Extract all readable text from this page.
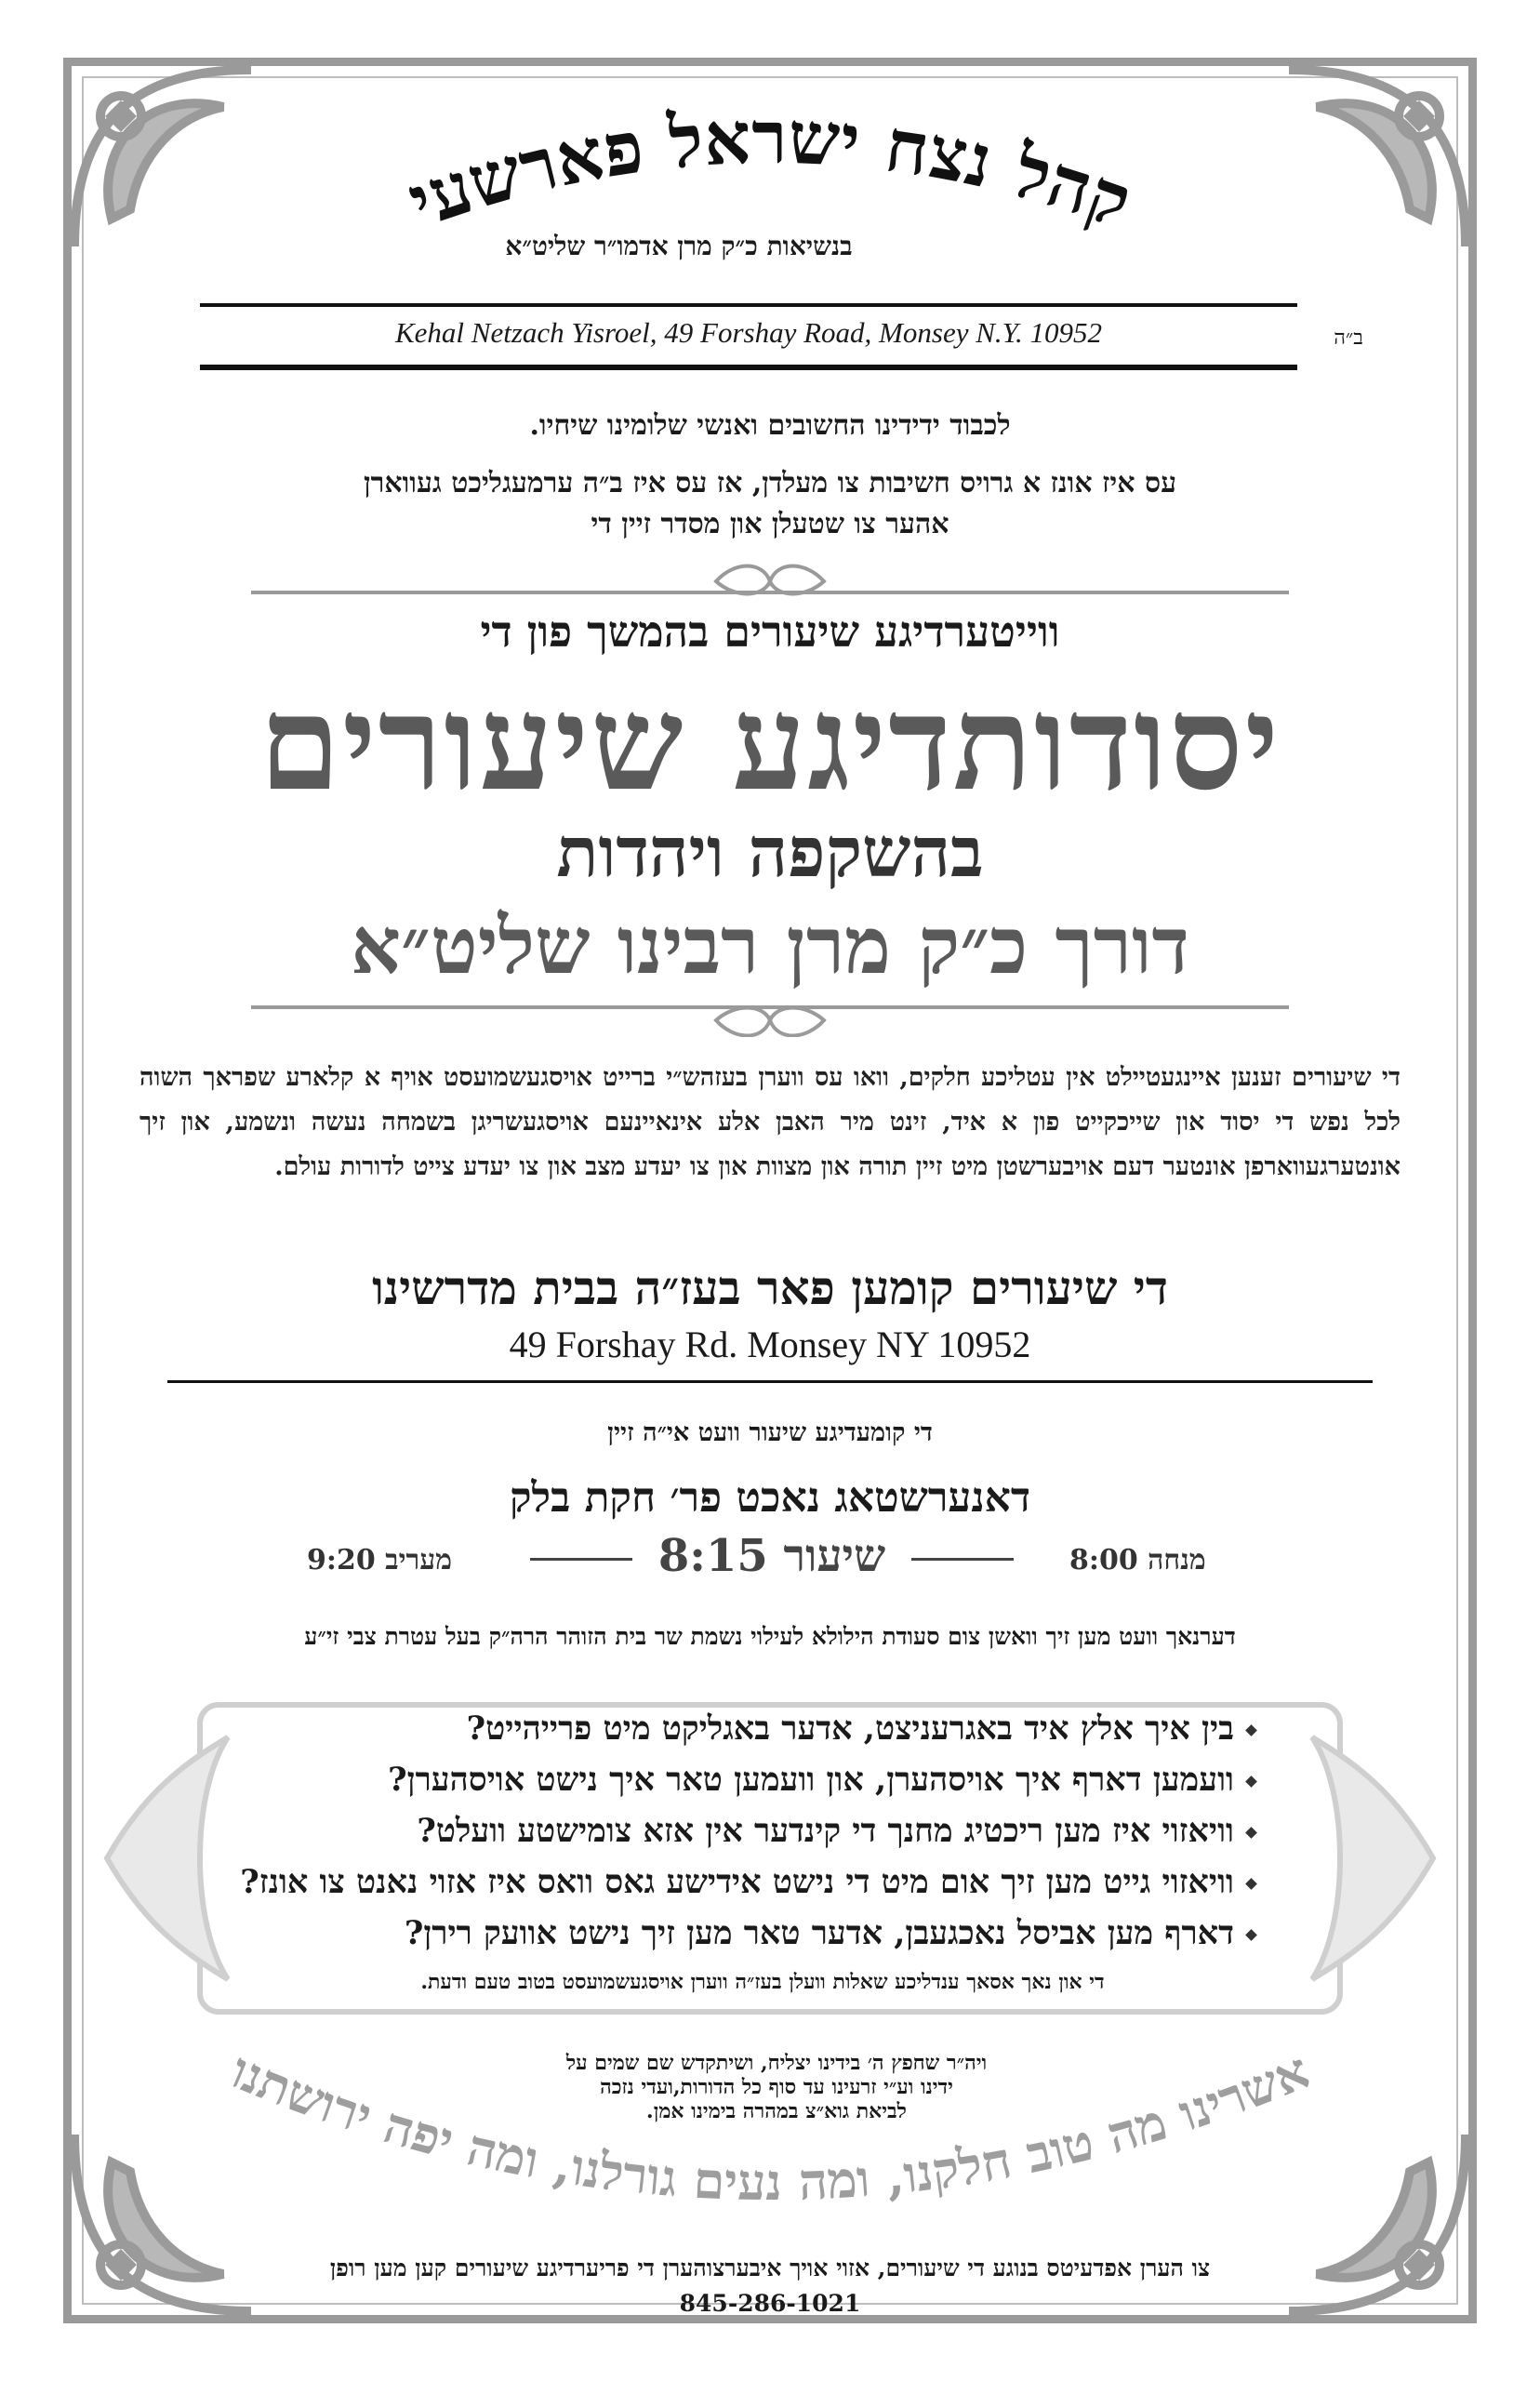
קהל נצח ישראל פארשעי
בנשיאות כ״ק מרן אדמו״ר שליט״א
Kehal Netzach Yisroel, 49 Forshay Road, Monsey N.Y. 10952	ב״ה
לכבוד ידידינו החשובים ואנשי שלומינו שיחיו.
עס איז אונז א גרויס חשיבות צו מעלדן, אז עס איז ב״ה ערמעגליכט געווארן
אהער צו שטעלן און מסדר זיין די
ווייטערדיגע שיעורים בהמשך פון די
יסודותדיגע שיעורים
בהשקפה ויהדות
דורך כ״ק מרן רבינו שליט״א
די שיעורים זענען איינגעטיילט אין עטליכע חלקים, וואו עס ווערן בעזהש״י ברייט אויסגעשמועסט אויף א קלארע שפראך השוה לכל נפש די יסוד און שייכקייט פון א איד, זינט מיר האבן אלע אינאיינעם אויסגעשריגן בשמחה נעשה ונשמע, און זיך אונטערגעווארפן אונטער דעם אויבערשטן מיט זיין תורה און מצוות און צו יעדע מצב און צו יעדע צייט לדורות עולם.
די שיעורים קומען פאר בעז״ה בבית מדרשינו
49 Forshay Rd. Monsey NY 10952
די קומעדיגע שיעור וועט אי״ה זיין
דאנערשטאג נאכט פר׳ חקת בלק
מנחה 8:00
שיעור 8:15
מעריב 9:20
דערנאך וועט מען זיך וואשן צום סעודת הילולא לעילוי נשמת שר בית הזוהר הרה״ק בעל עטרת צבי זי״ע
בין איך אלץ איד באגרעניצט, אדער באגליקט מיט פרייהייט?
וועמען דארף איך אויסהערן, און וועמען טאר איך נישט אויסהערן?
וויאזוי איז מען ריכטיג מחנך די קינדער אין אזא צומישטע וועלט?
וויאזוי גייט מען זיך אום מיט די נישט אידישע גאס וואס איז אזוי נאנט צו אונז?
דארף מען אביסל נאכגעבן, אדער טאר מען זיך נישט אוועק רירן?
די און נאך אסאך ענדליכע שאלות וועלן בעז״ה ווערן אויסגעשמועסט בטוב טעם ודעת.
ויה״ר שחפץ ה׳ בידינו יצליח, ושיתקדש שם שמים על
ידינו וע״י זרעינו עד סוף כל הדורות,ועדי נזכה
לביאת גוא״צ במהרה בימינו אמן.
אשרינו מה טוב חלקנו, ומה נעים גורלנו, ומה יפה ירושתנו
צו הערן אפדעיטס בנוגע די שיעורים, אזוי אויך איבערצוהערן די פריערדיגע שיעורים קען מען רופן
845-286-1021
